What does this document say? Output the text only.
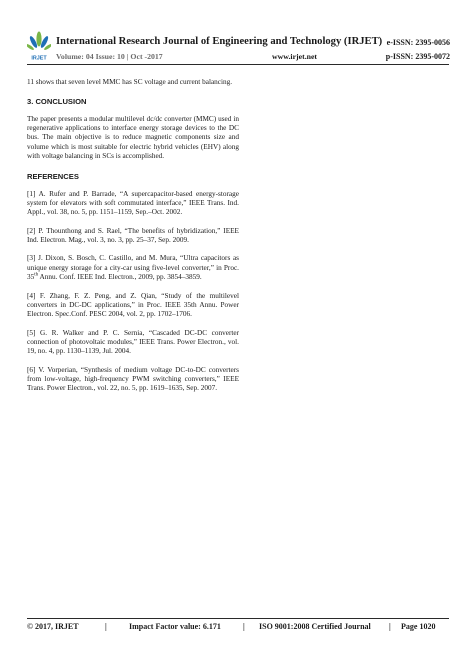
IRJET
International Research Journal of Engineering and Technology (IRJET)
Volume: 04 Issue: 10 | Oct -2017	www.irjet.net
e-ISSN: 2395-0056
p-ISSN: 2395-0072

11 shows that seven level MMC has SC voltage and current balancing.

3. CONCLUSION

The paper presents a modular multilevel dc/dc converter (MMC) used in regenerative applications to interface energy storage devices to the DC bus. The main objective is to reduce magnetic components size and volume which is most suitable for electric hybrid vehicles (EHV) along with voltage balancing in SCs is accomplished.

REFERENCES

[1] A. Rufer and P. Barrade, “A supercapacitor-based energy-storage system for elevators with soft commutated interface,” IEEE Trans. Ind. Appl., vol. 38, no. 5, pp. 1151–1159, Sep.–Oct. 2002.

[2] P. Thounthong and S. Rael, “The benefits of hybridization,” IEEE Ind. Electron. Mag., vol. 3, no. 3, pp. 25–37, Sep. 2009.

[3] J. Dixon, S. Bosch, C. Castillo, and M. Mura, “Ultra capacitors as unique energy storage for a city-car using five-level converter,” in Proc. 35th Annu. Conf. IEEE Ind. Electron., 2009, pp. 3854–3859.

[4] F. Zhang, F. Z. Peng, and Z. Qian, “Study of the multilevel converters in DC-DC applications,” in Proc. IEEE 35th Annu. Power Electron. Spec.Conf. PESC 2004, vol. 2, pp. 1702–1706.

[5] G. R. Walker and P. C. Sernia, “Cascaded DC-DC converter connection of photovoltaic modules,” IEEE Trans. Power Electron., vol. 19, no. 4, pp. 1130–1139, Jul. 2004.

[6] V. Vorperian, “Synthesis of medium voltage DC-to-DC converters from low-voltage, high-frequency PWM switching converters,” IEEE Trans. Power Electron., vol. 22, no. 5, pp. 1619–1635, Sep. 2007.

© 2017, IRJET	|	Impact Factor value: 6.171	| ISO 9001:2008 Certified Journal | Page 1020
